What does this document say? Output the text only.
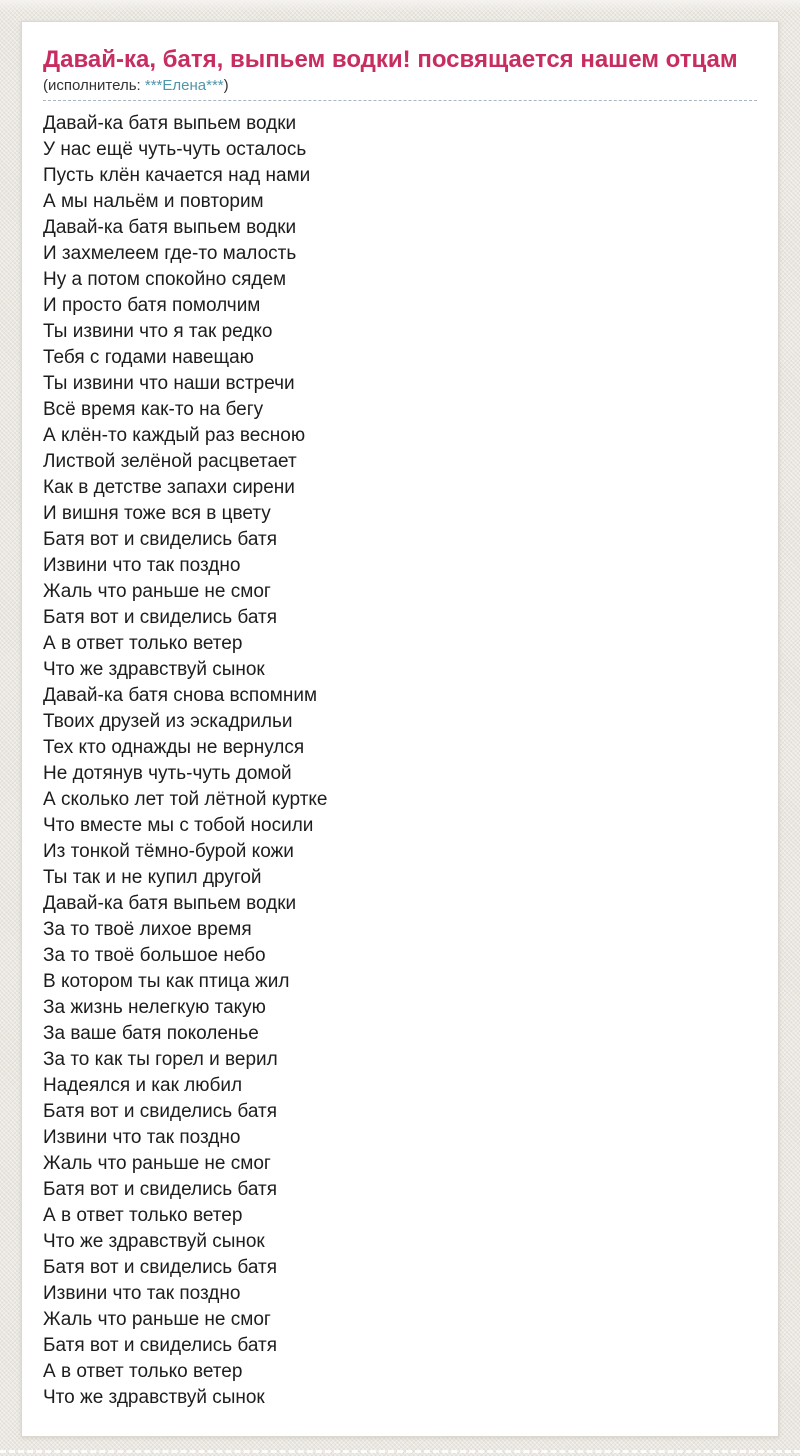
Давай-ка, батя, выпьем водки! посвящается нашем отцам
(исполнитель: ***Елена***)
Давай-ка батя выпьем водки
У нас ещё чуть-чуть осталось
Пусть клён качается над нами
А мы нальём и повторим
Давай-ка батя выпьем водки
И захмелеем где-то малость
Ну а потом спокойно сядем
И просто батя помолчим
Ты извини что я так редко
Тебя с годами навещаю
Ты извини что наши встречи
Всё время как-то на бегу
А клён-то каждый раз весною
Листвой зелёной расцветает
Как в детстве запахи сирени
И вишня тоже вся в цвету
Батя вот и свиделись батя
Извини что так поздно
Жаль что раньше не смог
Батя вот и свиделись батя
А в ответ только ветер
Что же здравствуй сынок
Давай-ка батя снова вспомним
Твоих друзей из эскадрильи
Тех кто однажды не вернулся
Не дотянув чуть-чуть домой
А сколько лет той лётной куртке
Что вместе мы с тобой носили
Из тонкой тёмно-бурой кожи
Ты так и не купил другой
Давай-ка батя выпьем водки
За то твоё лихое время
За то твоё большое небо
В котором ты как птица жил
За жизнь нелегкую такую
За ваше батя поколенье
За то как ты горел и верил
Надеялся и как любил
Батя вот и свиделись батя
Извини что так поздно
Жаль что раньше не смог
Батя вот и свиделись батя
А в ответ только ветер
Что же здравствуй сынок
Батя вот и свиделись батя
Извини что так поздно
Жаль что раньше не смог
Батя вот и свиделись батя
А в ответ только ветер
Что же здравствуй сынок
